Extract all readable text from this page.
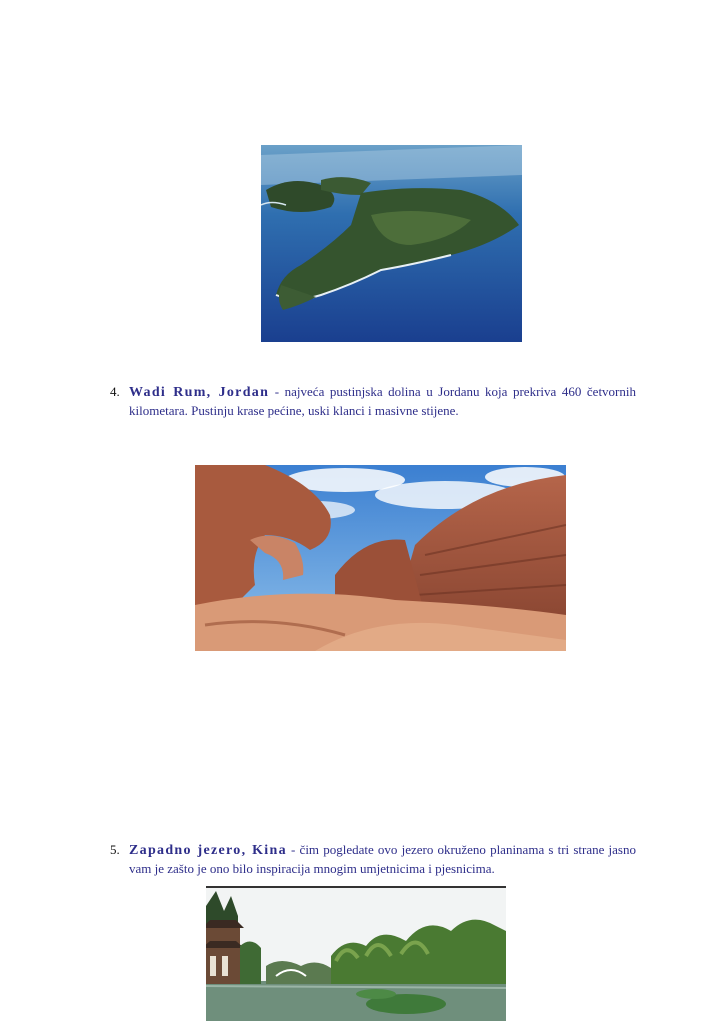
4. Wadi Rum, Jordan - najveća pustinjska dolina u Jordanu koja prekriva 460 četvornih kilometara. Pustinju krase pećine, uski klanci i masivne stijene.
5. Zapadno jezero, Kina - čim pogledate ovo jezero okruženo planinama s tri strane jasno vam je zašto je ono bilo inspiracija mnogim umjetnicima i pjesnicima.
